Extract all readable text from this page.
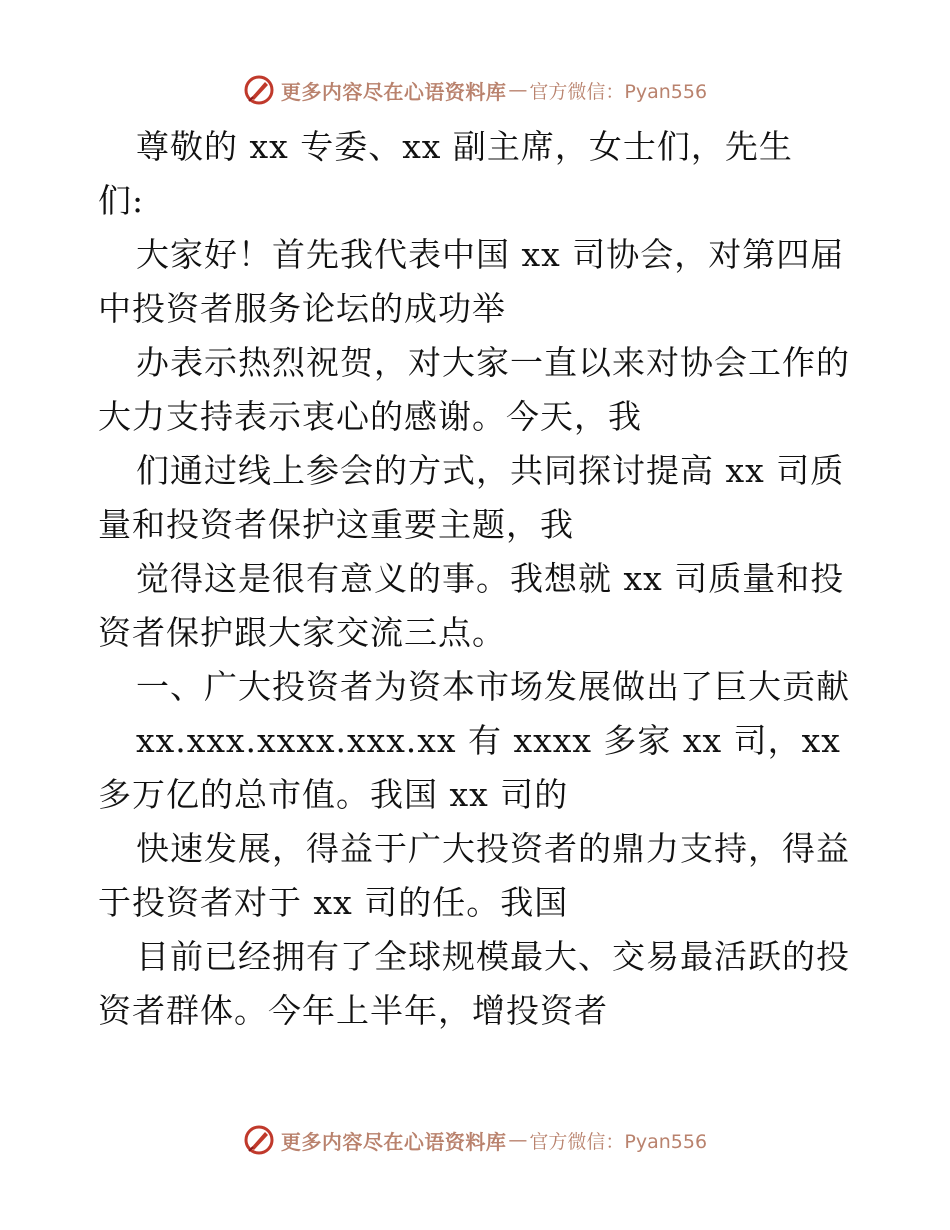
更多内容尽在心语资料库 — 官方微信：Pyan556
尊敬的 xx 专委、xx 副主席，女士们，先生
们:
大家好！首先我代表中国 xx 司协会，对第四届
中投资者服务论坛的成功举
办表示热烈祝贺，对大家一直以来对协会工作的
大力支持表示衷心的感谢。今天，我
们通过线上参会的方式，共同探讨提高 xx 司质
量和投资者保护这重要主题，我
觉得这是很有意义的事。我想就 xx 司质量和投
资者保护跟大家交流三点。
一、广大投资者为资本市场发展做出了巨大贡献
xx.xxx.xxxx.xxx.xx 有 xxxx 多家 xx 司，xx
多万亿的总市值。我国 xx 司的
快速发展，得益于广大投资者的鼎力支持，得益
于投资者对于 xx 司的任。我国
目前已经拥有了全球规模最大、交易最活跃的投
资者群体。今年上半年，增投资者
更多内容尽在心语资料库 — 官方微信：Pyan556
